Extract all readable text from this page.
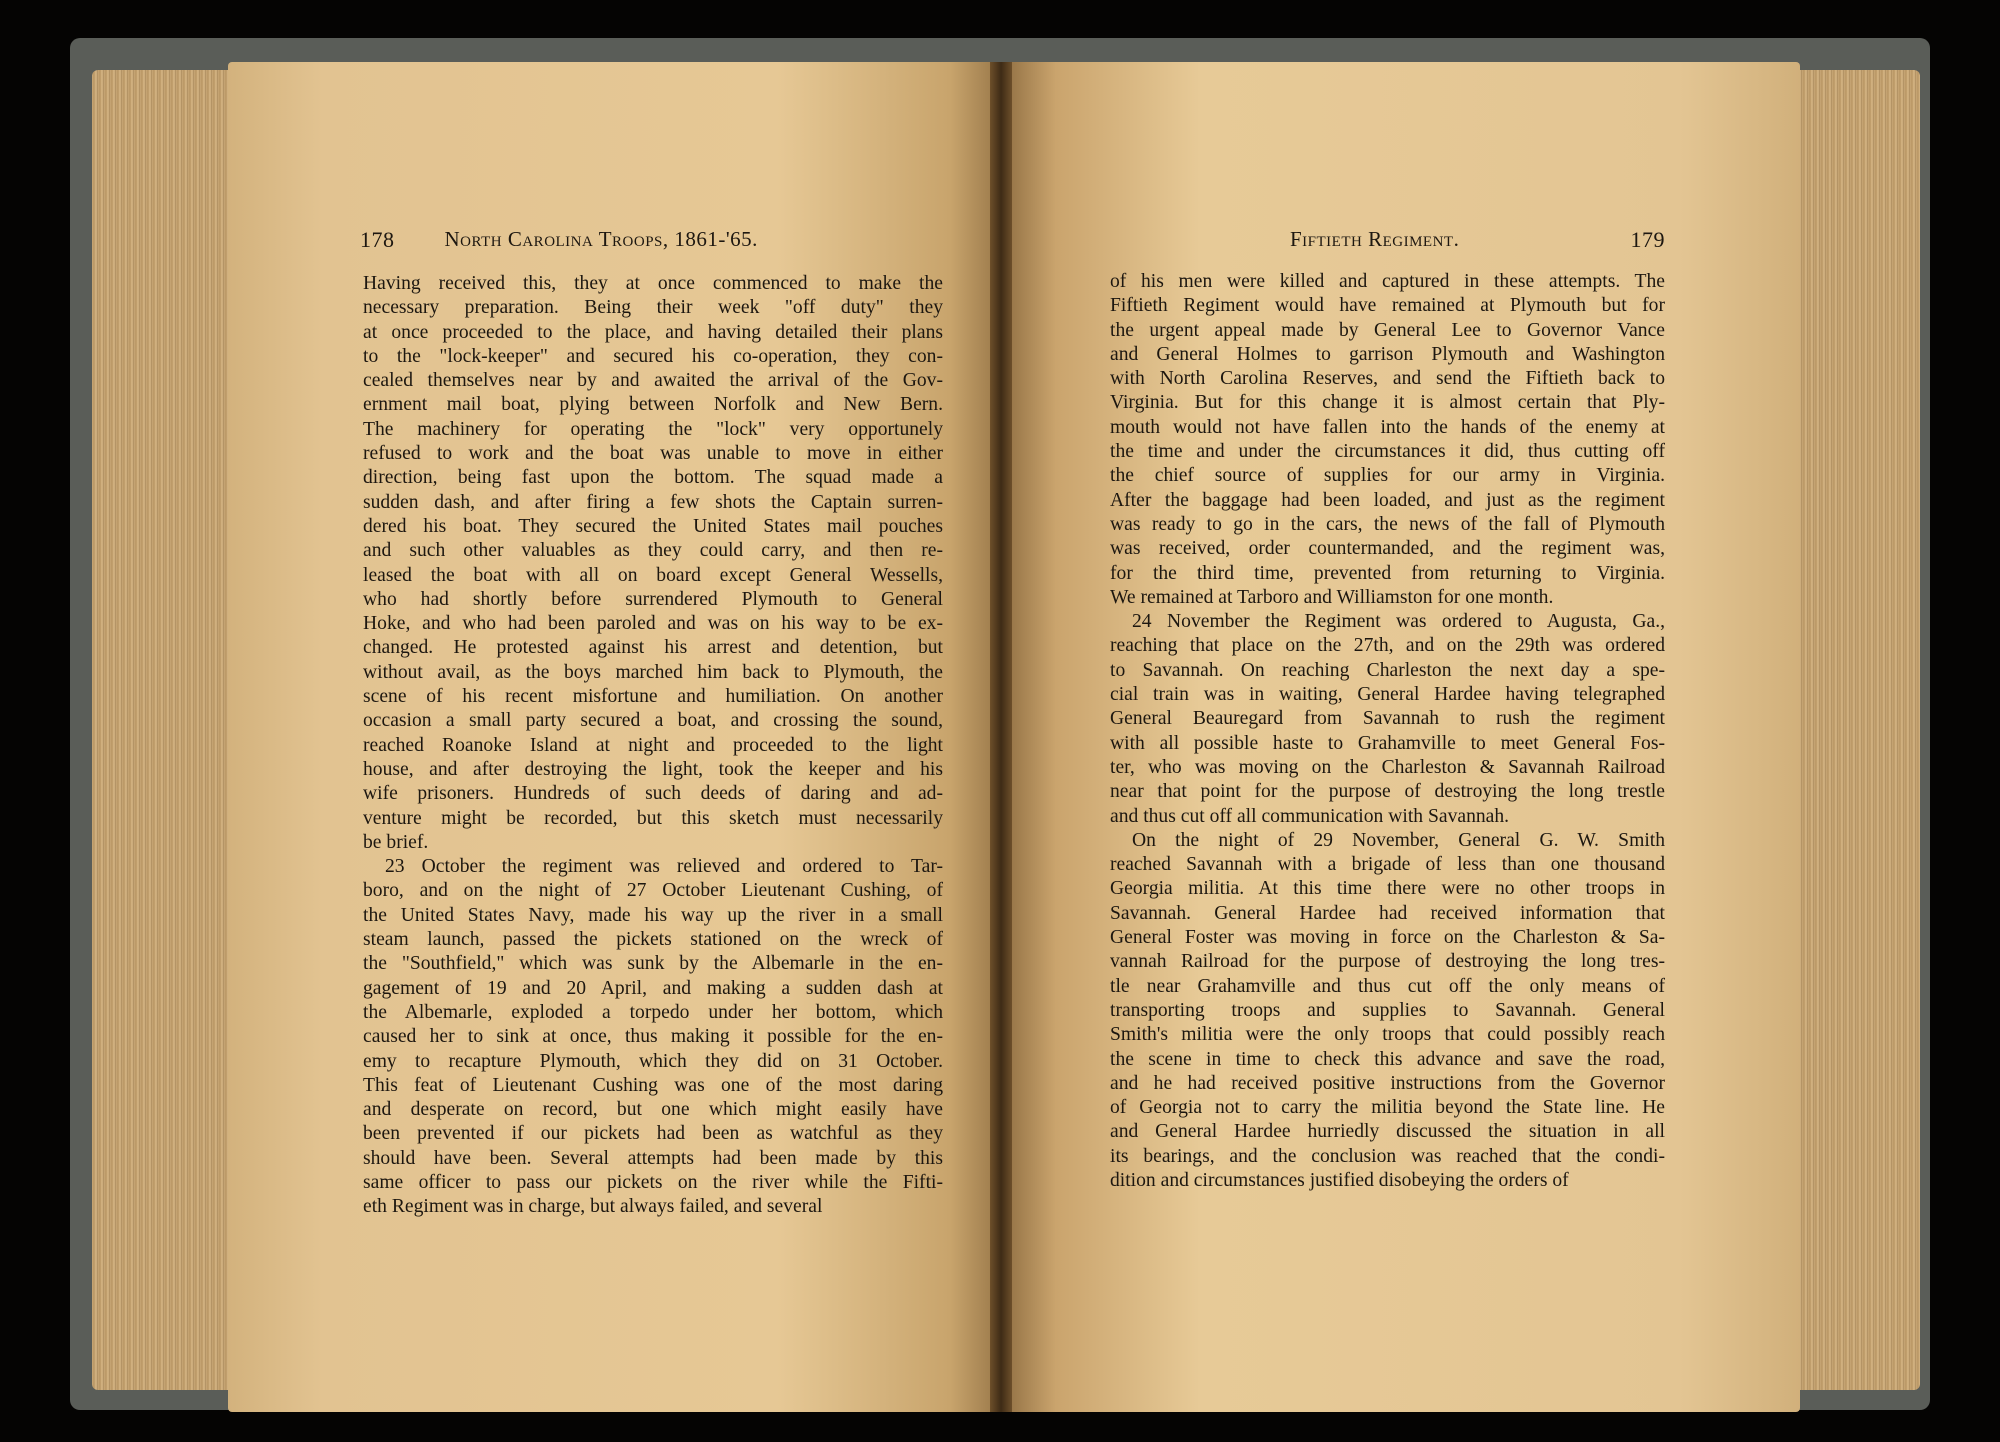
178 North Carolina Troops, 1861-'65.

Having received this, they at once commenced to make the

necessary preparation. Being their week "off duty" they

at once proceeded to the place, and having detailed their plans

to the "lock-keeper" and secured his co-operation, they con-

cealed themselves near by and awaited the arrival of the Gov-

ernment mail boat, plying between Norfolk and New Bern.

The machinery for operating the "lock" very opportunely

refused to work and the boat was unable to move in either

direction, being fast upon the bottom. The squad made a

sudden dash, and after firing a few shots the Captain surren-

dered his boat. They secured the United States mail pouches

and such other valuables as they could carry, and then re-

leased the boat with all on board except General Wessells,

who had shortly before surrendered Plymouth to General

Hoke, and who had been paroled and was on his way to be ex-

changed. He protested against his arrest and detention, but

without avail, as the boys marched him back to Plymouth, the

scene of his recent misfortune and humiliation. On another

occasion a small party secured a boat, and crossing the sound,

reached Roanoke Island at night and proceeded to the light

house, and after destroying the light, took the keeper and his

wife prisoners. Hundreds of such deeds of daring and ad-

venture might be recorded, but this sketch must necessarily

be brief.

23 October the regiment was relieved and ordered to Tar-

boro, and on the night of 27 October Lieutenant Cushing, of

the United States Navy, made his way up the river in a small

steam launch, passed the pickets stationed on the wreck of

the "Southfield," which was sunk by the Albemarle in the en-

gagement of 19 and 20 April, and making a sudden dash at

the Albemarle, exploded a torpedo under her bottom, which

caused her to sink at once, thus making it possible for the en-

emy to recapture Plymouth, which they did on 31 October.

This feat of Lieutenant Cushing was one of the most daring

and desperate on record, but one which might easily have

been prevented if our pickets had been as watchful as they

should have been. Several attempts had been made by this

same officer to pass our pickets on the river while the Fifti-

eth Regiment was in charge, but always failed, and several

Fiftieth Regiment.	179

of his men were killed and captured in these attempts. The

Fiftieth Regiment would have remained at Plymouth but for

the urgent appeal made by General Lee to Governor Vance

and General Holmes to garrison Plymouth and Washington

with North Carolina Reserves, and send the Fiftieth back to

Virginia. But for this change it is almost certain that Ply-

mouth would not have fallen into the hands of the enemy at

the time and under the circumstances it did, thus cutting off

the chief source of supplies for our army in Virginia.

After the baggage had been loaded, and just as the regiment

was ready to go in the cars, the news of the fall of Plymouth

was received, order countermanded, and the regiment was,

for the third time, prevented from returning to Virginia.

We remained at Tarboro and Williamston for one month.

24 November the Regiment was ordered to Augusta, Ga.,

reaching that place on the 27th, and on the 29th was ordered

to Savannah. On reaching Charleston the next day a spe-

cial train was in waiting, General Hardee having telegraphed

General Beauregard from Savannah to rush the regiment

with all possible haste to Grahamville to meet General Fos-

ter, who was moving on the Charleston & Savannah Railroad

near that point for the purpose of destroying the long trestle

and thus cut off all communication with Savannah.

On the night of 29 November, General G. W. Smith

reached Savannah with a brigade of less than one thousand

Georgia militia. At this time there were no other troops in

Savannah. General Hardee had received information that

General Foster was moving in force on the Charleston & Sa-

vannah Railroad for the purpose of destroying the long tres-

tle near Grahamville and thus cut off the only means of

transporting troops and supplies to Savannah. General

Smith's militia were the only troops that could possibly reach

the scene in time to check this advance and save the road,

and he had received positive instructions from the Governor

of Georgia not to carry the militia beyond the State line. He

and General Hardee hurriedly discussed the situation in all

its bearings, and the conclusion was reached that the condi-

dition and circumstances justified disobeying the orders of
